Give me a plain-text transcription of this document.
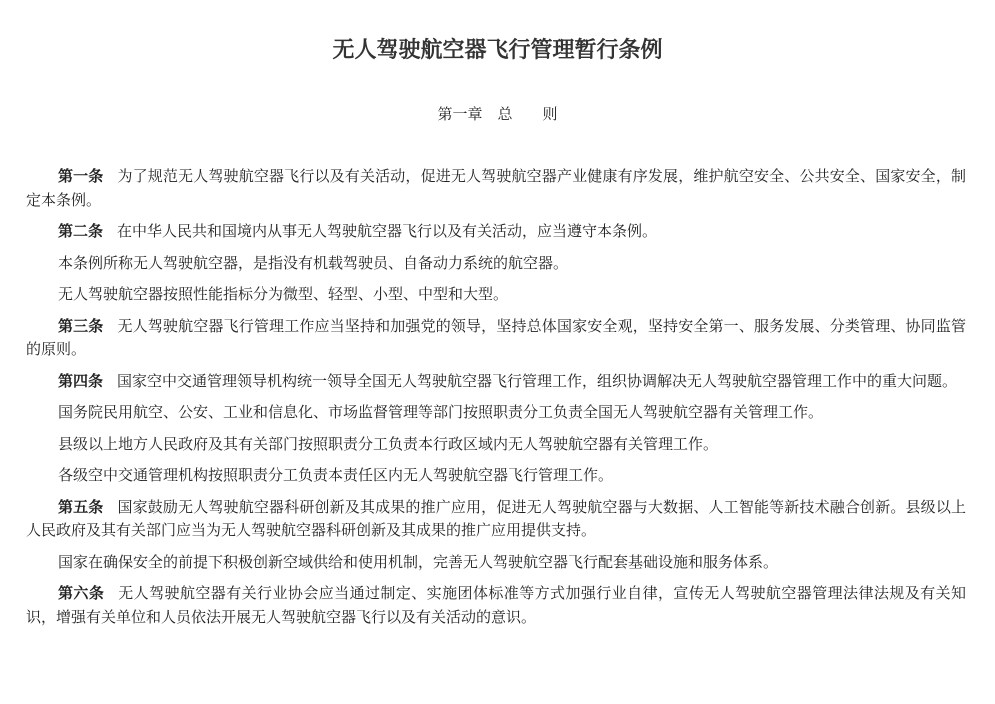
无人驾驶航空器飞行管理暂行条例
第一章　总　　则

第一条 为了规范无人驾驶航空器飞行以及有关活动，促进无人驾驶航空器产业健康有序发展，维护航空安全、公共安全、国家安全，制定本条例。

第二条 在中华人民共和国境内从事无人驾驶航空器飞行以及有关活动，应当遵守本条例。

本条例所称无人驾驶航空器，是指没有机载驾驶员、自备动力系统的航空器。

无人驾驶航空器按照性能指标分为微型、轻型、小型、中型和大型。

第三条 无人驾驶航空器飞行管理工作应当坚持和加强党的领导，坚持总体国家安全观，坚持安全第一、服务发展、分类管理、协同监管的原则。

第四条 国家空中交通管理领导机构统一领导全国无人驾驶航空器飞行管理工作，组织协调解决无人驾驶航空器管理工作中的重大问题。

国务院民用航空、公安、工业和信息化、市场监督管理等部门按照职责分工负责全国无人驾驶航空器有关管理工作。

县级以上地方人民政府及其有关部门按照职责分工负责本行政区域内无人驾驶航空器有关管理工作。

各级空中交通管理机构按照职责分工负责本责任区内无人驾驶航空器飞行管理工作。

第五条 国家鼓励无人驾驶航空器科研创新及其成果的推广应用，促进无人驾驶航空器与大数据、人工智能等新技术融合创新。县级以上人民政府及其有关部门应当为无人驾驶航空器科研创新及其成果的推广应用提供支持。

国家在确保安全的前提下积极创新空域供给和使用机制，完善无人驾驶航空器飞行配套基础设施和服务体系。

第六条 无人驾驶航空器有关行业协会应当通过制定、实施团体标准等方式加强行业自律，宣传无人驾驶航空器管理法律法规及有关知识，增强有关单位和人员依法开展无人驾驶航空器飞行以及有关活动的意识。
